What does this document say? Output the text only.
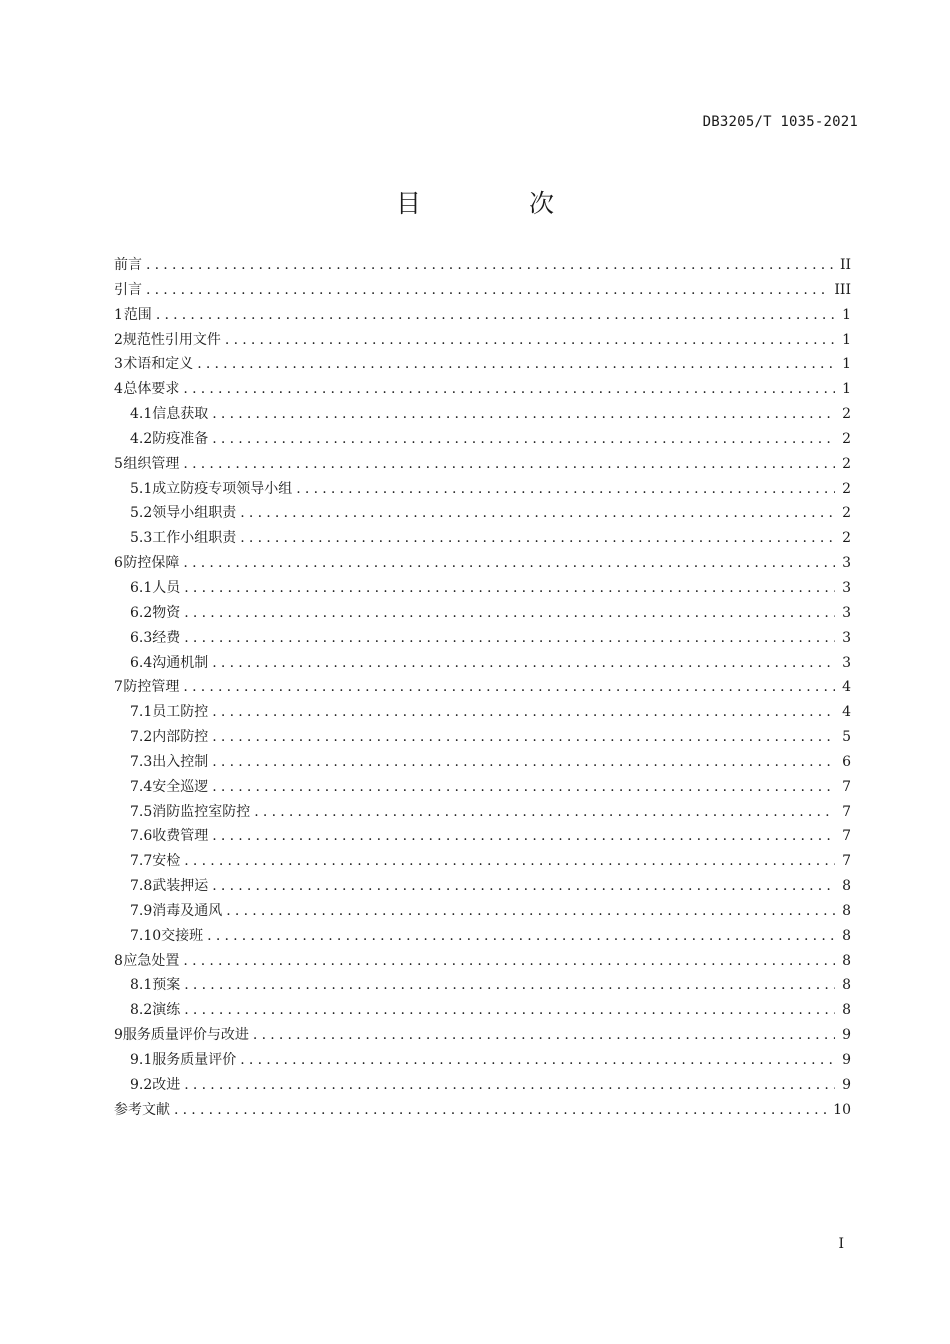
DB3205/T 1035-2021
目 次
前言 .....	II
引言 .....	III
1 范围 .....	1
2 规范性引用文件 .....	1
3 术语和定义 .....	1
4 总体要求 .....	1
4.1 信息获取 .....	2
4.2 防疫准备 .....	2
5 组织管理 .....	2
5.1 成立防疫专项领导小组 .....	2
5.2 领导小组职责 .....	2
5.3 工作小组职责 .....	2
6 防控保障 .....	3
6.1 人员 .....	3
6.2 物资 .....	3
6.3 经费 .....	3
6.4 沟通机制 .....	3
7 防控管理 .....	4
7.1 员工防控 .....	4
7.2 内部防控 .....	5
7.3 出入控制 .....	6
7.4 安全巡逻 .....	7
7.5 消防监控室防控 .....	7
7.6 收费管理 .....	7
7.7 安检 .....	7
7.8 武装押运 .....	8
7.9 消毒及通风 .....	8
7.10 交接班 .....	8
8 应急处置 .....	8
8.1 预案 .....	8
8.2 演练 .....	8
9 服务质量评价与改进 .....	9
9.1 服务质量评价 .....	9
9.2 改进 .....	9
参考文献 .....	10
I
